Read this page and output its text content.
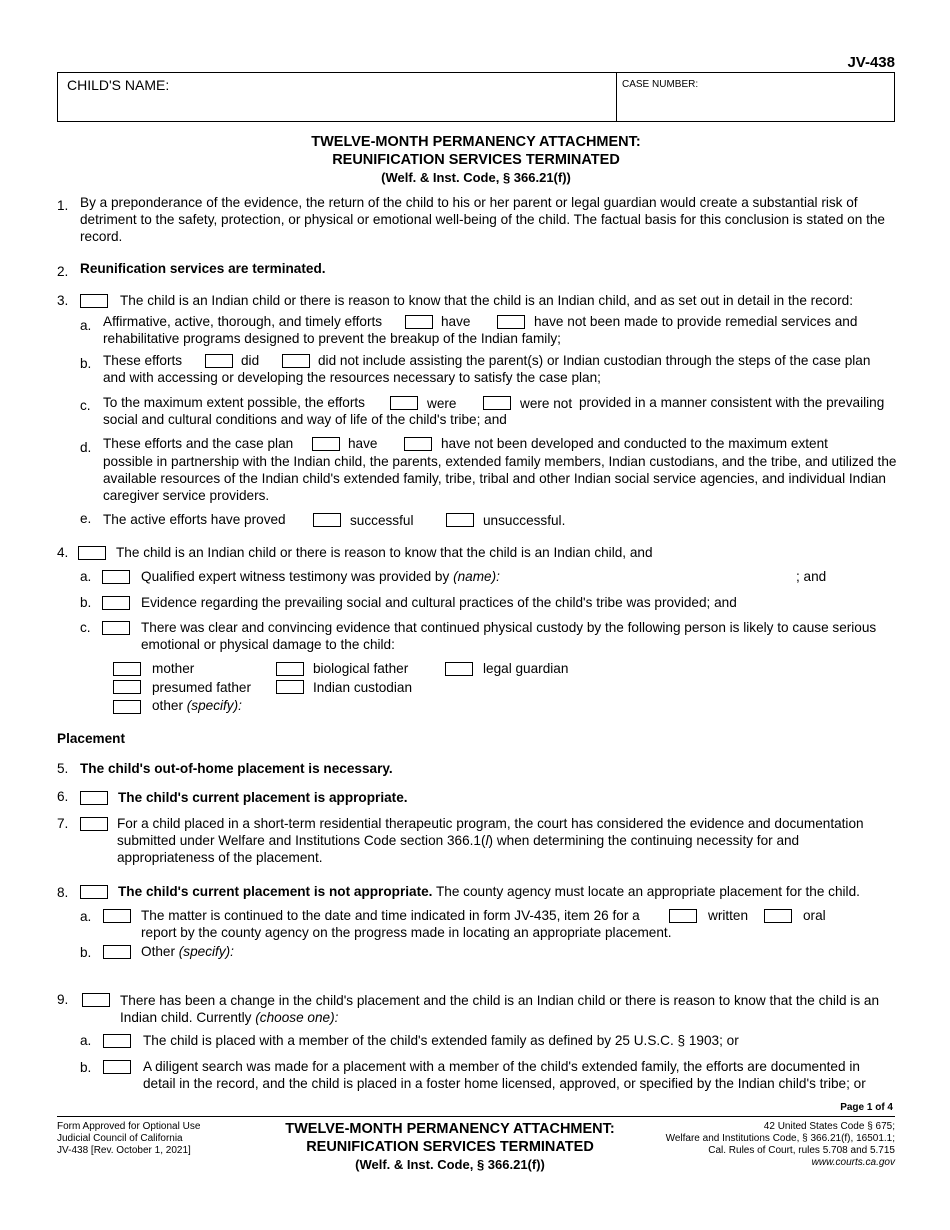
JV-438
CHILD'S NAME:	CASE NUMBER:
TWELVE-MONTH PERMANENCY ATTACHMENT:
REUNIFICATION SERVICES TERMINATED
(Welf. & Inst. Code, § 366.21(f))
1. By a preponderance of the evidence, the return of the child to his or her parent or legal guardian would create a substantial risk of detriment to the safety, protection, or physical or emotional well-being of the child. The factual basis for this conclusion is stated on the record.
2. Reunification services are terminated.
3.	The child is an Indian child or there is reason to know that the child is an Indian child, and as set out in detail in the record:
a. Affirmative, active, thorough, and timely efforts	have	have not been made to provide remedial services and
rehabilitative programs designed to prevent the breakup of the Indian family;
b. These efforts	did	did not include assisting the parent(s) or Indian custodian through the steps of the case plan
and with accessing or developing the resources necessary to satisfy the case plan;
c. To the maximum extent possible, the efforts	were	were not provided in a manner consistent with the prevailing
social and cultural conditions and way of life of the child's tribe; and
d. These efforts and the case plan	have	have not been developed and conducted to the maximum extent
possible in partnership with the Indian child, the parents, extended family members, Indian custodians, and the tribe, and utilized the available resources of the Indian child's extended family, tribe, tribal and other Indian social service agencies, and individual Indian caregiver service providers.
e. The active efforts have proved	successful	unsuccessful.
4.	The child is an Indian child or there is reason to know that the child is an Indian child, and
a.	Qualified expert witness testimony was provided by (name):	; and
b.	Evidence regarding the prevailing social and cultural practices of the child's tribe was provided; and
c.	There was clear and convincing evidence that continued physical custody by the following person is likely to cause serious emotional or physical damage to the child:
mother	biological father	legal guardian
presumed father	Indian custodian
other (specify):
Placement
5. The child's out-of-home placement is necessary.
6.	The child's current placement is appropriate.
7.	For a child placed in a short-term residential therapeutic program, the court has considered the evidence and documentation submitted under Welfare and Institutions Code section 366.1(l) when determining the continuing necessity for and appropriateness of the placement.
8.	The child's current placement is not appropriate. The county agency must locate an appropriate placement for the child.
a.	The matter is continued to the date and time indicated in form JV-435, item 26 for a	written	oral
report by the county agency on the progress made in locating an appropriate placement.
b.	Other (specify):
9.	There has been a change in the child's placement and the child is an Indian child or there is reason to know that the child is an Indian child. Currently (choose one):
a.	The child is placed with a member of the child's extended family as defined by 25 U.S.C. § 1903; or
b.	A diligent search was made for a placement with a member of the child's extended family, the efforts are documented in detail in the record, and the child is placed in a foster home licensed, approved, or specified by the Indian child's tribe; or
Page 1 of 4
Form Approved for Optional Use
Judicial Council of California
JV-438 [Rev. October 1, 2021]
TWELVE-MONTH PERMANENCY ATTACHMENT:
REUNIFICATION SERVICES TERMINATED
(Welf. & Inst. Code, § 366.21(f))
42 United States Code § 675;
Welfare and Institutions Code, § 366.21(f), 16501.1;
Cal. Rules of Court, rules 5.708 and 5.715
www.courts.ca.gov
